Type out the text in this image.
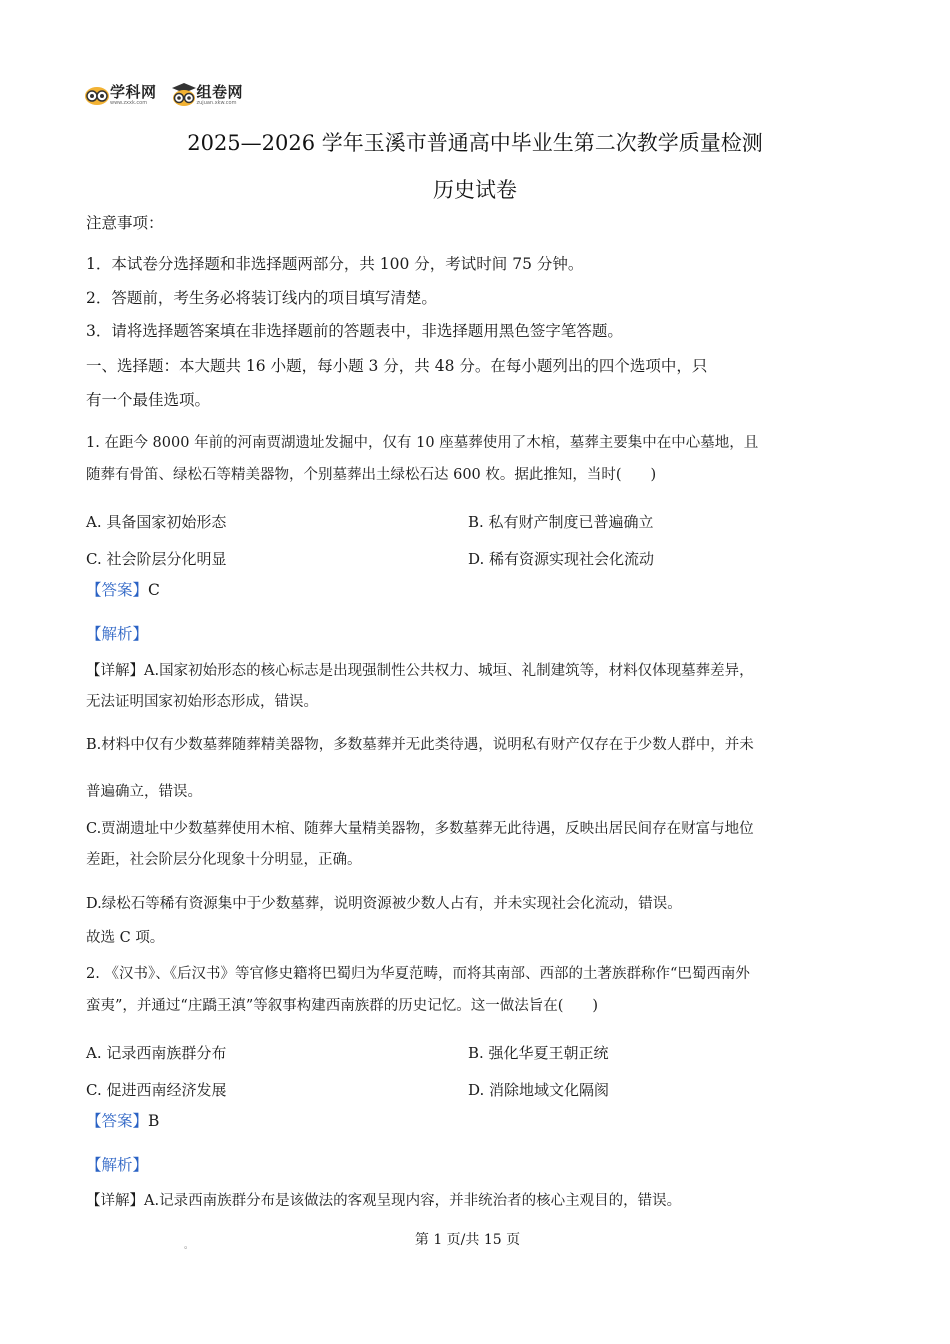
学科网
www.zxxk.com
组卷网
zujuan.xkw.com
2025—2026 学年玉溪市普通高中毕业生第二次教学质量检测
历史试卷
注意事项：
1．本试卷分选择题和非选择题两部分，共 100 分，考试时间 75 分钟。
2．答题前，考生务必将装订线内的项目填写清楚。
3．请将选择题答案填在非选择题前的答题表中，非选择题用黑色签字笔答题。
一、选择题：本大题共 16 小题，每小题 3 分，共 48 分。在每小题列出的四个选项中，只
有一个最佳选项。
1. 在距今 8000 年前的河南贾湖遗址发掘中，仅有 10 座墓葬使用了木棺，墓葬主要集中在中心墓地，且
随葬有骨笛、绿松石等精美器物，个别墓葬出土绿松石达 600 枚。据此推知，当时(　　)
A. 具备国家初始形态	B. 私有财产制度已普遍确立
C. 社会阶层分化明显	D. 稀有资源实现社会化流动
【答案】C
【解析】
【详解】A.国家初始形态的核心标志是出现强制性公共权力、城垣、礼制建筑等，材料仅体现墓葬差异，
无法证明国家初始形态形成，错误。
B.材料中仅有少数墓葬随葬精美器物，多数墓葬并无此类待遇，说明私有财产仅存在于少数人群中，并未
普遍确立，错误。
C.贾湖遗址中少数墓葬使用木棺、随葬大量精美器物，多数墓葬无此待遇，反映出居民间存在财富与地位
差距，社会阶层分化现象十分明显，正确。
D.绿松石等稀有资源集中于少数墓葬，说明资源被少数人占有，并未实现社会化流动，错误。
故选 C 项。
2. 《汉书》、《后汉书》等官修史籍将巴蜀归为华夏范畴，而将其南部、西部的土著族群称作“巴蜀西南外
蛮夷”，并通过“庄蹻王滇”等叙事构建西南族群的历史记忆。这一做法旨在(　　)
A. 记录西南族群分布	B. 强化华夏王朝正统
C. 促进西南经济发展	D. 消除地域文化隔阂
【答案】B
【解析】
【详解】A.记录西南族群分布是该做法的客观呈现内容，并非统治者的核心主观目的，错误。
。	第 1 页/共 15 页
